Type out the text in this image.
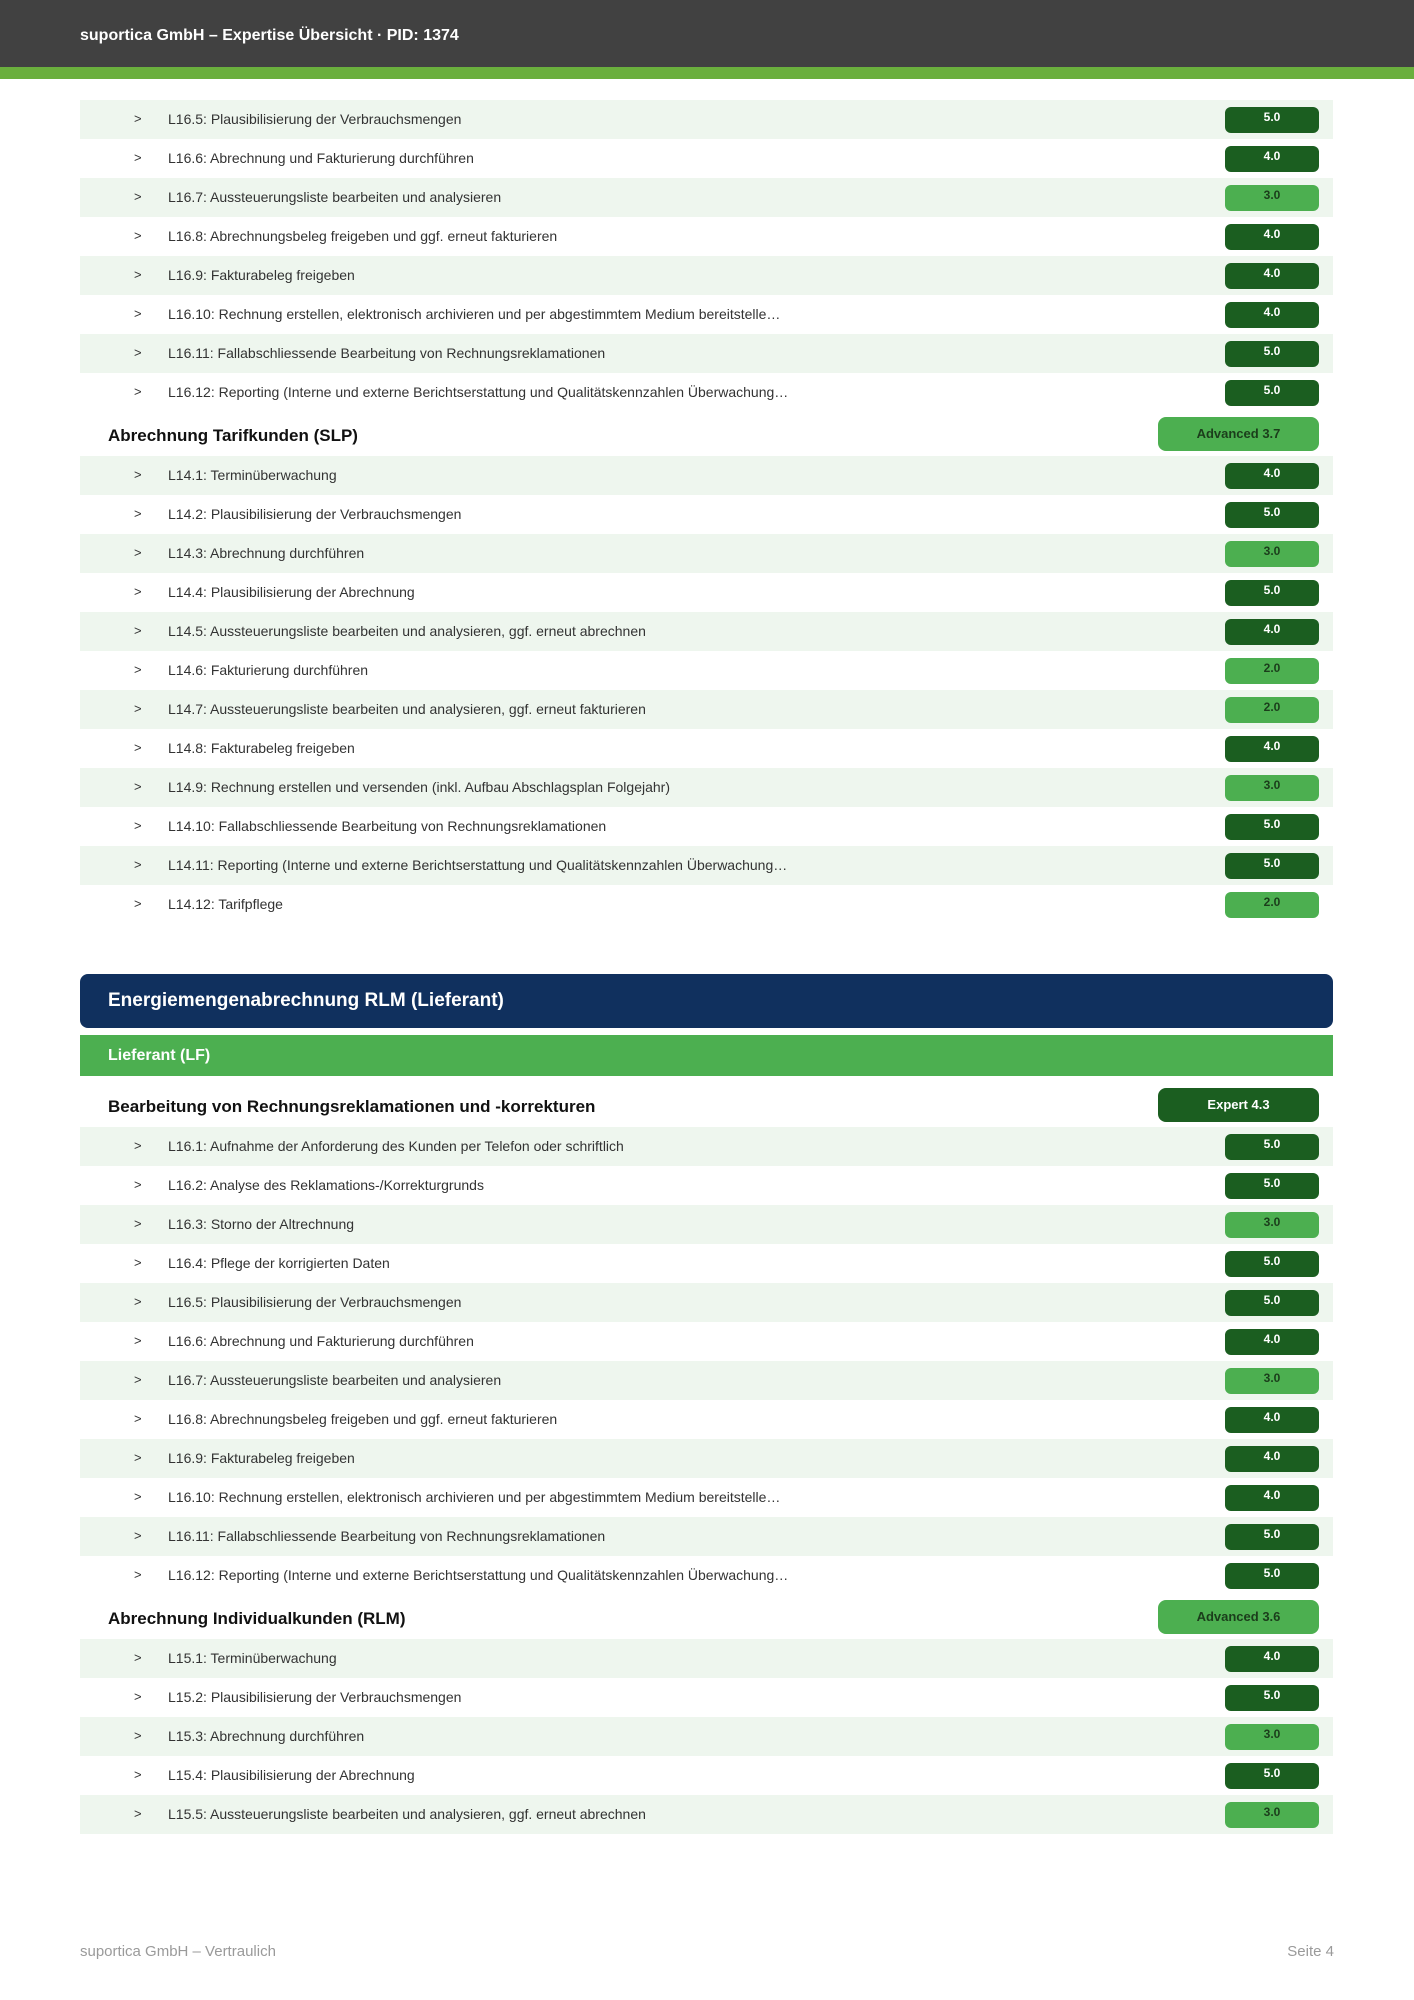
suportica GmbH – Expertise Übersicht · PID: 1374
> L16.5: Plausibilisierung der Verbrauchsmengen	5.0
> L16.6: Abrechnung und Fakturierung durchführen	4.0
> L16.7: Aussteuerungsliste bearbeiten und analysieren	3.0
> L16.8: Abrechnungsbeleg freigeben und ggf. erneut fakturieren	4.0
> L16.9: Fakturabeleg freigeben	4.0
> L16.10: Rechnung erstellen, elektronisch archivieren und per abgestimmtem Medium bereitstelle…	4.0
> L16.11: Fallabschliessende Bearbeitung von Rechnungsreklamationen	5.0
> L16.12: Reporting (Interne und externe Berichtserstattung und Qualitätskennzahlen Überwachung…	5.0
Abrechnung Tarifkunden (SLP)	Advanced 3.7
> L14.1: Terminüberwachung	4.0
> L14.2: Plausibilisierung der Verbrauchsmengen	5.0
> L14.3: Abrechnung durchführen	3.0
> L14.4: Plausibilisierung der Abrechnung	5.0
> L14.5: Aussteuerungsliste bearbeiten und analysieren, ggf. erneut abrechnen	4.0
> L14.6: Fakturierung durchführen	2.0
> L14.7: Aussteuerungsliste bearbeiten und analysieren, ggf. erneut fakturieren	2.0
> L14.8: Fakturabeleg freigeben	4.0
> L14.9: Rechnung erstellen und versenden (inkl. Aufbau Abschlagsplan Folgejahr)	3.0
> L14.10: Fallabschliessende Bearbeitung von Rechnungsreklamationen	5.0
> L14.11: Reporting (Interne und externe Berichtserstattung und Qualitätskennzahlen Überwachung…	5.0
> L14.12: Tarifpflege	2.0
Energiemengenabrechnung RLM (Lieferant)
Lieferant (LF)
Bearbeitung von Rechnungsreklamationen und -korrekturen	Expert 4.3
> L16.1: Aufnahme der Anforderung des Kunden per Telefon oder schriftlich	5.0
> L16.2: Analyse des Reklamations-/Korrekturgrunds	5.0
> L16.3: Storno der Altrechnung	3.0
> L16.4: Pflege der korrigierten Daten	5.0
> L16.5: Plausibilisierung der Verbrauchsmengen	5.0
> L16.6: Abrechnung und Fakturierung durchführen	4.0
> L16.7: Aussteuerungsliste bearbeiten und analysieren	3.0
> L16.8: Abrechnungsbeleg freigeben und ggf. erneut fakturieren	4.0
> L16.9: Fakturabeleg freigeben	4.0
> L16.10: Rechnung erstellen, elektronisch archivieren und per abgestimmtem Medium bereitstelle…	4.0
> L16.11: Fallabschliessende Bearbeitung von Rechnungsreklamationen	5.0
> L16.12: Reporting (Interne und externe Berichtserstattung und Qualitätskennzahlen Überwachung…	5.0
Abrechnung Individualkunden (RLM)	Advanced 3.6
> L15.1: Terminüberwachung	4.0
> L15.2: Plausibilisierung der Verbrauchsmengen	5.0
> L15.3: Abrechnung durchführen	3.0
> L15.4: Plausibilisierung der Abrechnung	5.0
> L15.5: Aussteuerungsliste bearbeiten und analysieren, ggf. erneut abrechnen	3.0
suportica GmbH – Vertraulich	Seite 4
